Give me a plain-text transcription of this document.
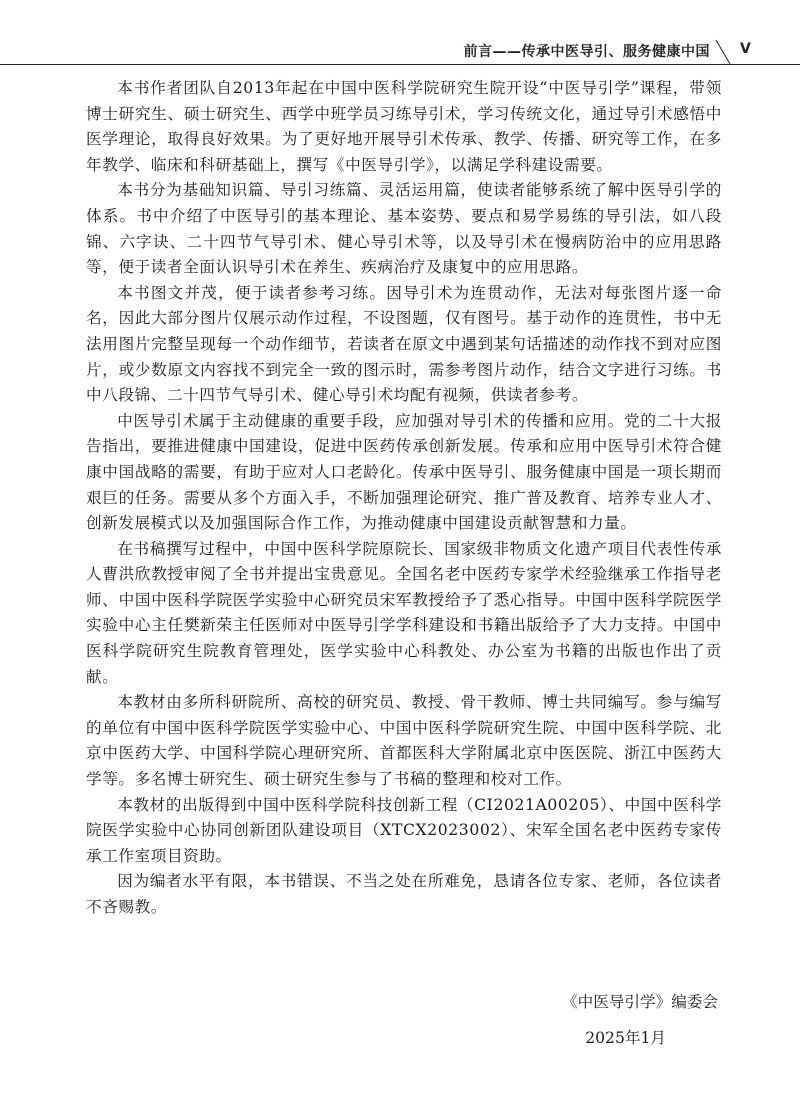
前言——传承中医导引、服务健康中国 V

本书作者团队自2013年起在中国中医科学院研究生院开设“中医导引学”课程，带领博士研究生、硕士研究生、西学中班学员习练导引术，学习传统文化，通过导引术感悟中医学理论，取得良好效果。为了更好地开展导引术传承、教学、传播、研究等工作，在多年教学、临床和科研基础上，撰写《中医导引学》，以满足学科建设需要。

本书分为基础知识篇、导引习练篇、灵活运用篇，使读者能够系统了解中医导引学的体系。书中介绍了中医导引的基本理论、基本姿势、要点和易学易练的导引法，如八段锦、六字诀、二十四节气导引术、健心导引术等，以及导引术在慢病防治中的应用思路等，便于读者全面认识导引术在养生、疾病治疗及康复中的应用思路。

本书图文并茂，便于读者参考习练。因导引术为连贯动作，无法对每张图片逐一命名，因此大部分图片仅展示动作过程，不设图题，仅有图号。基于动作的连贯性，书中无法用图片完整呈现每一个动作细节，若读者在原文中遇到某句话描述的动作找不到对应图片，或少数原文内容找不到完全一致的图示时，需参考图片动作，结合文字进行习练。书中八段锦、二十四节气导引术、健心导引术均配有视频，供读者参考。

中医导引术属于主动健康的重要手段，应加强对导引术的传播和应用。党的二十大报告指出，要推进健康中国建设，促进中医药传承创新发展。传承和应用中医导引术符合健康中国战略的需要，有助于应对人口老龄化。传承中医导引、服务健康中国是一项长期而艰巨的任务。需要从多个方面入手，不断加强理论研究、推广普及教育、培养专业人才、创新发展模式以及加强国际合作工作，为推动健康中国建设贡献智慧和力量。

在书稿撰写过程中，中国中医科学院原院长、国家级非物质文化遗产项目代表性传承人曹洪欣教授审阅了全书并提出宝贵意见。全国名老中医药专家学术经验继承工作指导老师、中国中医科学院医学实验中心研究员宋军教授给予了悉心指导。中国中医科学院医学实验中心主任樊新荣主任医师对中医导引学学科建设和书籍出版给予了大力支持。中国中医科学院研究生院教育管理处，医学实验中心科教处、办公室为书籍的出版也作出了贡献。

本教材由多所科研院所、高校的研究员、教授、骨干教师、博士共同编写。参与编写的单位有中国中医科学院医学实验中心、中国中医科学院研究生院、中国中医科学院、北京中医药大学、中国科学院心理研究所、首都医科大学附属北京中医医院、浙江中医药大学等。多名博士研究生、硕士研究生参与了书稿的整理和校对工作。

本教材的出版得到中国中医科学院科技创新工程（CI2021A00205）、中国中医科学院医学实验中心协同创新团队建设项目（XTCX2023002）、宋军全国名老中医药专家传承工作室项目资助。

因为编者水平有限，本书错误、不当之处在所难免，恳请各位专家、老师，各位读者不吝赐教。

《中医导引学》编委会
2025年1月
